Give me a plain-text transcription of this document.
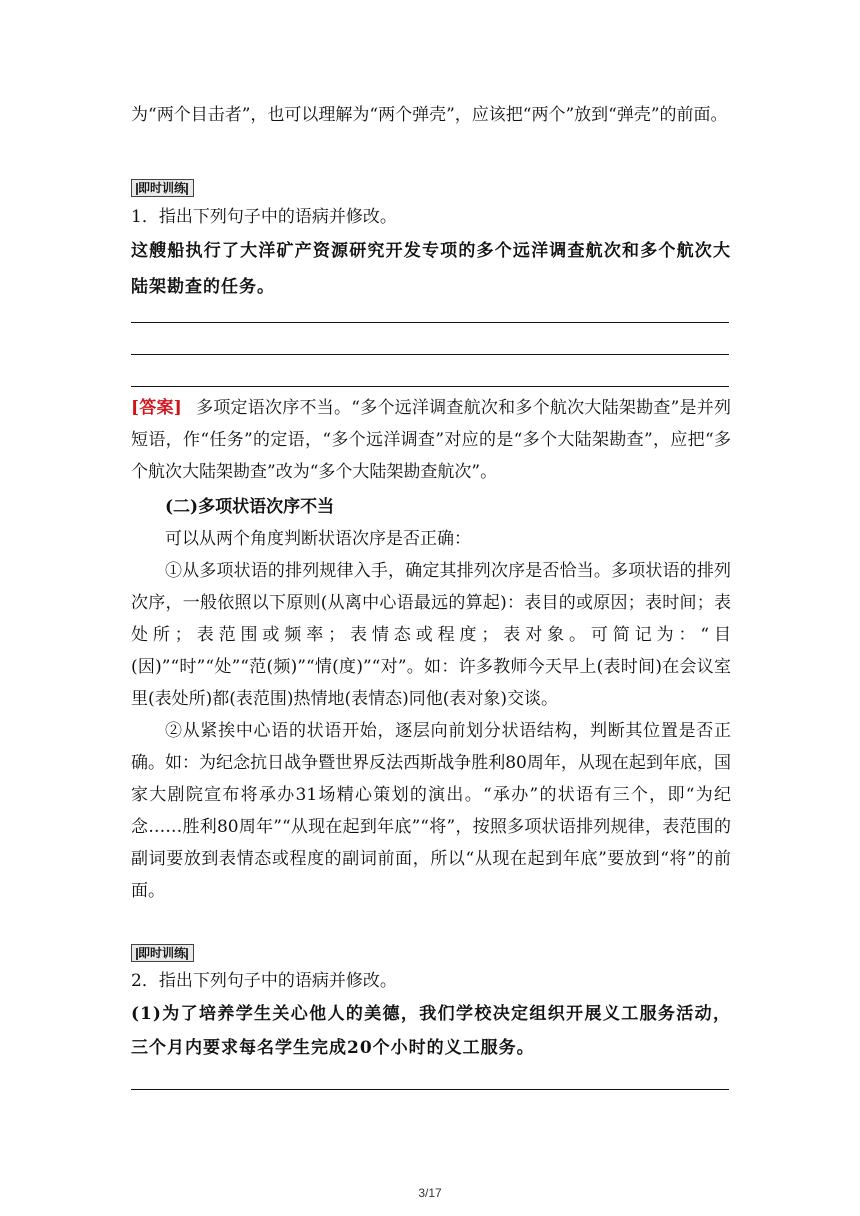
为“两个目击者”，也可以理解为“两个弹壳”，应该把“两个”放到“弹壳”的前面。

即时训练

1．指出下列句子中的语病并修改。

这艘船执行了大洋矿产资源研究开发专项的多个远洋调查航次和多个航次大陆架勘查的任务。

[答案] 多项定语次序不当。“多个远洋调查航次和多个航次大陆架勘查”是并列短语，作“任务”的定语，“多个远洋调查”对应的是“多个大陆架勘查”，应把“多个航次大陆架勘查”改为“多个大陆架勘查航次”。

(二)多项状语次序不当

可以从两个角度判断状语次序是否正确：

①从多项状语的排列规律入手，确定其排列次序是否恰当。多项状语的排列次序，一般依照以下原则(从离中心语最远的算起)：表目的或原因；表时间；表处所；表范围或频率；表情态或程度；表对象。可简记为：“目(因)”“时”“处”“范(频)”“情(度)”“对”。如：许多教师今天早上(表时间)在会议室里(表处所)都(表范围)热情地(表情态)同他(表对象)交谈。

②从紧挨中心语的状语开始，逐层向前划分状语结构，判断其位置是否正确。如：为纪念抗日战争暨世界反法西斯战争胜利80周年，从现在起到年底，国家大剧院宣布将承办31场精心策划的演出。“承办”的状语有三个，即“为纪念……胜利80周年”“从现在起到年底”“将”，按照多项状语排列规律，表范围的副词要放到表情态或程度的副词前面，所以“从现在起到年底”要放到“将”的前面。

即时训练

2．指出下列句子中的语病并修改。

(1)为了培养学生关心他人的美德，我们学校决定组织开展义工服务活动，三个月内要求每名学生完成20个小时的义工服务。

3/17
